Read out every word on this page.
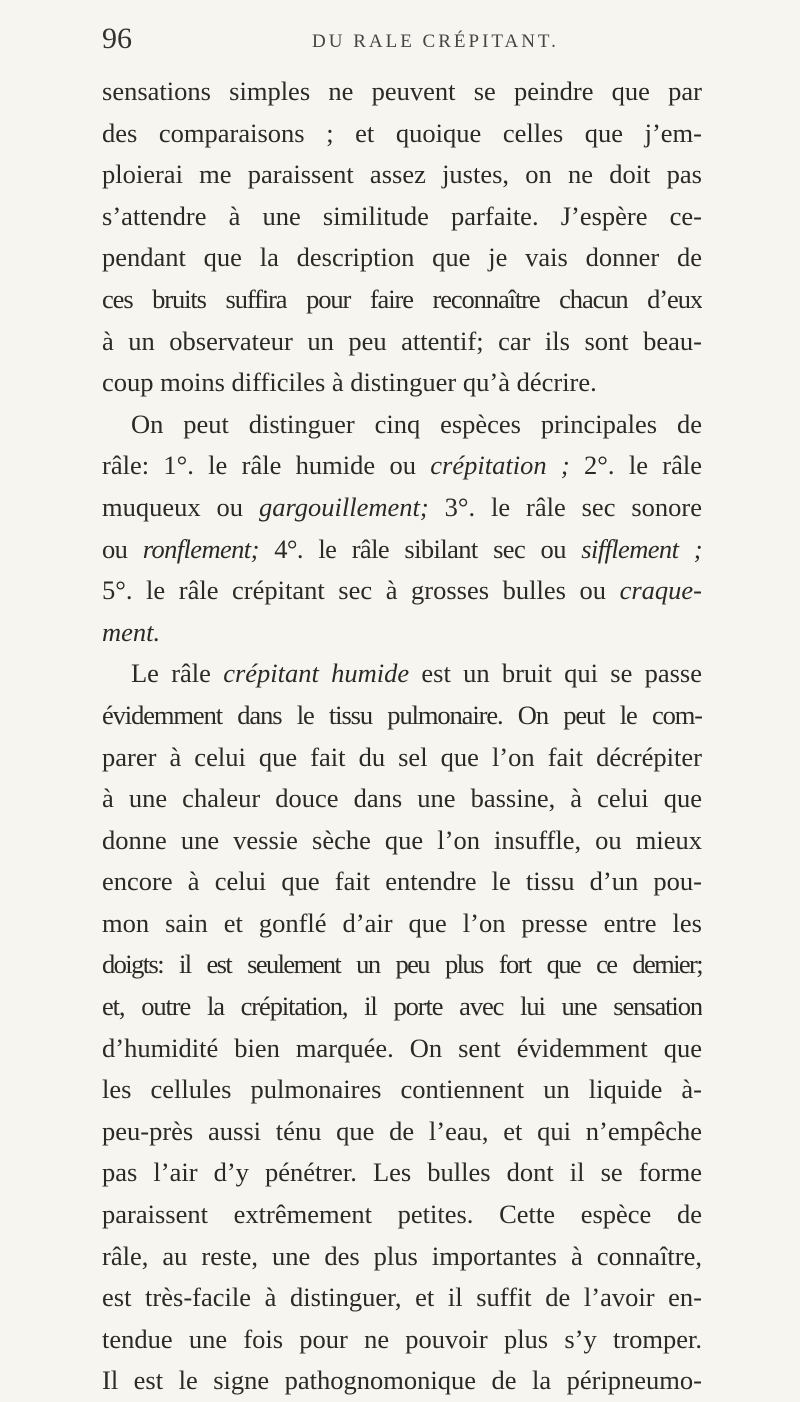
96	DU RALE CRÉPITANT.
sensations simples ne peuvent se peindre que par
des comparaisons ; et quoique celles que j’em-
ploierai me paraissent assez justes, on ne doit pas
s’attendre à une similitude parfaite. J’espère ce-
pendant que la description que je vais donner de
ces bruits suffira pour faire reconnaître chacun d’eux
à un observateur un peu attentif; car ils sont beau-
coup moins difficiles à distinguer qu’à décrire.
On peut distinguer cinq espèces principales de
râle: 1°. le râle humide ou crépitation ; 2°. le râle
muqueux ou gargouillement; 3°. le râle sec sonore
ou ronflement; 4°. le râle sibilant sec ou sifflement ;
5°. le râle crépitant sec à grosses bulles ou craque-
ment.
Le râle crépitant humide est un bruit qui se passe
évidemment dans le tissu pulmonaire. On peut le com-
parer à celui que fait du sel que l’on fait décrépiter
à une chaleur douce dans une bassine, à celui que
donne une vessie sèche que l’on insuffle, ou mieux
encore à celui que fait entendre le tissu d’un pou-
mon sain et gonflé d’air que l’on presse entre les
doigts: il est seulement un peu plus fort que ce dernier;
et, outre la crépitation, il porte avec lui une sensation
d’humidité bien marquée. On sent évidemment que
les cellules pulmonaires contiennent un liquide à-
peu-près aussi ténu que de l’eau, et qui n’empêche
pas l’air d’y pénétrer. Les bulles dont il se forme
paraissent extrêmement petites. Cette espèce de
râle, au reste, une des plus importantes à connaître,
est très-facile à distinguer, et il suffit de l’avoir en-
tendue une fois pour ne pouvoir plus s’y tromper.
Il est le signe pathognomonique de la péripneumo-
